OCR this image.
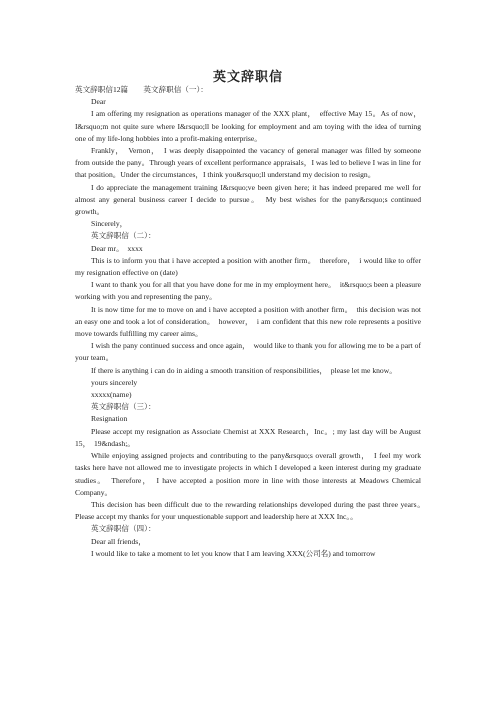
英文辞职信

英文辞职信12篇　　英文辞职信（一）：

Dear

I am offering my resignation as operations manager of the XXX plant，　effective May 15。As of now，I&rsquo;m not quite sure where I&rsquo;ll be looking for employment and am toying with the idea of turning one of my life-long hobbies into a profit-making enterprise。

Frankly，　Vernon，　I was deeply disappointed the vacancy of general manager was filled by someone from outside the pany。Through years of excellent performance appraisals，I was led to believe I was in line for that position。Under the circumstances，I think you&rsquo;ll understand my decision to resign。

I do appreciate the management training I&rsquo;ve been given here; it has indeed prepared me well for almost any general business career I decide to pursue。　My best wishes for the pany&rsquo;s continued growth。

Sincerely，

英文辞职信（二）：

Dear mr。　xxxx

This is to inform you that i have accepted a position with another firm。　therefore，　i would like to offer my resignation effective on (date)

I want to thank you for all that you have done for me in my employment here。　it&rsquo;s been a pleasure working with you and representing the pany。

It is now time for me to move on and i have accepted a position with another firm。　this decision was not an easy one and took a lot of consideration。　however，　i am confident that this new role represents a positive move towards fulfilling my career aims。

I wish the pany continued success and once again，　would like to thank you for allowing me to be a part of your team。

If there is anything i can do in aiding a smooth transition of responsibilities，　please let me know。

yours sincerely

xxxxx(name)

英文辞职信（三）：

Resignation

Please accept my resignation as Associate Chemist at XXX Research，Inc。; my last day will be August 15，　19&ndash;。

While enjoying assigned projects and contributing to the pany&rsquo;s overall growth，　I feel my work tasks here have not allowed me to investigate projects in which I developed a keen interest during my graduate studies。　Therefore，　I have accepted a position more in line with those interests at Meadows Chemical Company。

This decision has been difficult due to the rewarding relationships developed during the past three years。　Please accept my thanks for your unquestionable support and leadership here at XXX Inc。。

英文辞职信（四）：

Dear all friends，

I would like to take a moment to let you know that I am leaving XXX(公司名) and tomorrow
